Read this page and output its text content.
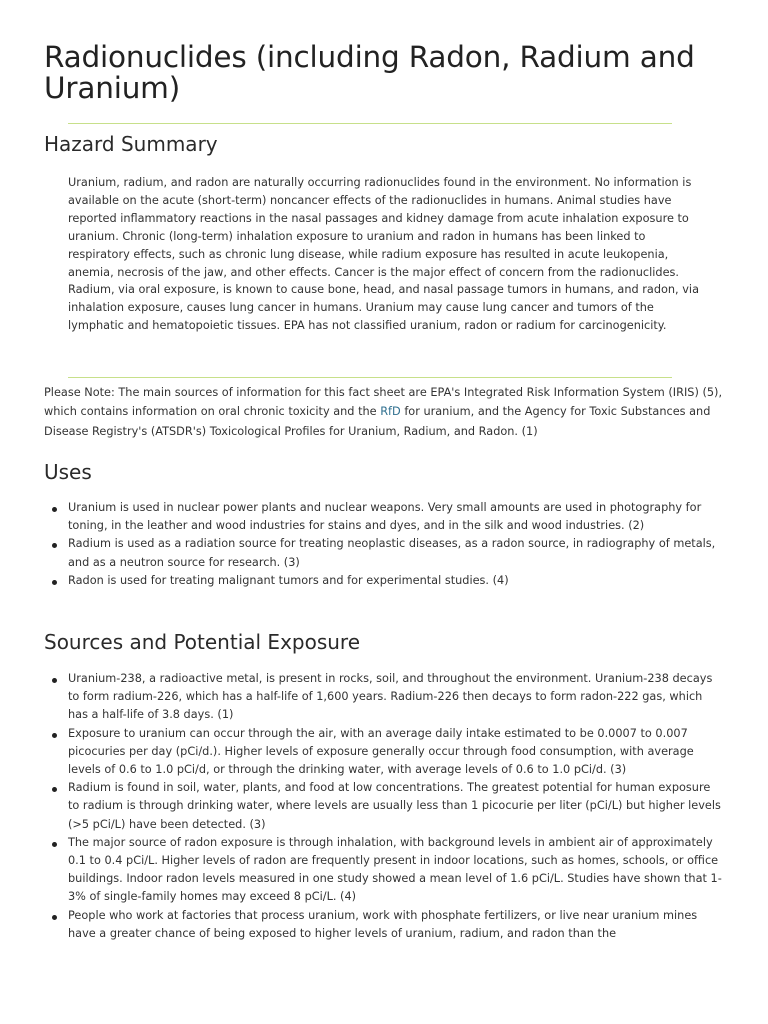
Radionuclides (including Radon, Radium and Uranium)
Hazard Summary

Uranium, radium, and radon are naturally occurring radionuclides found in the environment. No information is available on the acute (short-term) noncancer effects of the radionuclides in humans. Animal studies have reported inflammatory reactions in the nasal passages and kidney damage from acute inhalation exposure to uranium. Chronic (long-term) inhalation exposure to uranium and radon in humans has been linked to respiratory effects, such as chronic lung disease, while radium exposure has resulted in acute leukopenia, anemia, necrosis of the jaw, and other effects. Cancer is the major effect of concern from the radionuclides. Radium, via oral exposure, is known to cause bone, head, and nasal passage tumors in humans, and radon, via inhalation exposure, causes lung cancer in humans. Uranium may cause lung cancer and tumors of the lymphatic and hematopoietic tissues. EPA has not classified uranium, radon or radium for carcinogenicity.

Please Note: The main sources of information for this fact sheet are EPA's Integrated Risk Information System (IRIS) (5), which contains information on oral chronic toxicity and the RfD for uranium, and the Agency for Toxic Substances and Disease Registry's (ATSDR's) Toxicological Profiles for Uranium, Radium, and Radon. (1)

Uses
Uranium is used in nuclear power plants and nuclear weapons. Very small amounts are used in photography for toning, in the leather and wood industries for stains and dyes, and in the silk and wood industries. (2)
Radium is used as a radiation source for treating neoplastic diseases, as a radon source, in radiography of metals, and as a neutron source for research. (3)
Radon is used for treating malignant tumors and for experimental studies. (4)
Sources and Potential Exposure
Uranium-238, a radioactive metal, is present in rocks, soil, and throughout the environment. Uranium-238 decays to form radium-226, which has a half-life of 1,600 years. Radium-226 then decays to form radon-222 gas, which has a half-life of 3.8 days. (1)
Exposure to uranium can occur through the air, with an average daily intake estimated to be 0.0007 to 0.007 picocuries per day (pCi/d.). Higher levels of exposure generally occur through food consumption, with average levels of 0.6 to 1.0 pCi/d, or through the drinking water, with average levels of 0.6 to 1.0 pCi/d. (3)
Radium is found in soil, water, plants, and food at low concentrations. The greatest potential for human exposure to radium is through drinking water, where levels are usually less than 1 picocurie per liter (pCi/L) but higher levels (>5 pCi/L) have been detected. (3)
The major source of radon exposure is through inhalation, with background levels in ambient air of approximately 0.1 to 0.4 pCi/L. Higher levels of radon are frequently present in indoor locations, such as homes, schools, or office buildings. Indoor radon levels measured in one study showed a mean level of 1.6 pCi/L. Studies have shown that 1-3% of single-family homes may exceed 8 pCi/L. (4)
People who work at factories that process uranium, work with phosphate fertilizers, or live near uranium mines have a greater chance of being exposed to higher levels of uranium, radium, and radon than the
